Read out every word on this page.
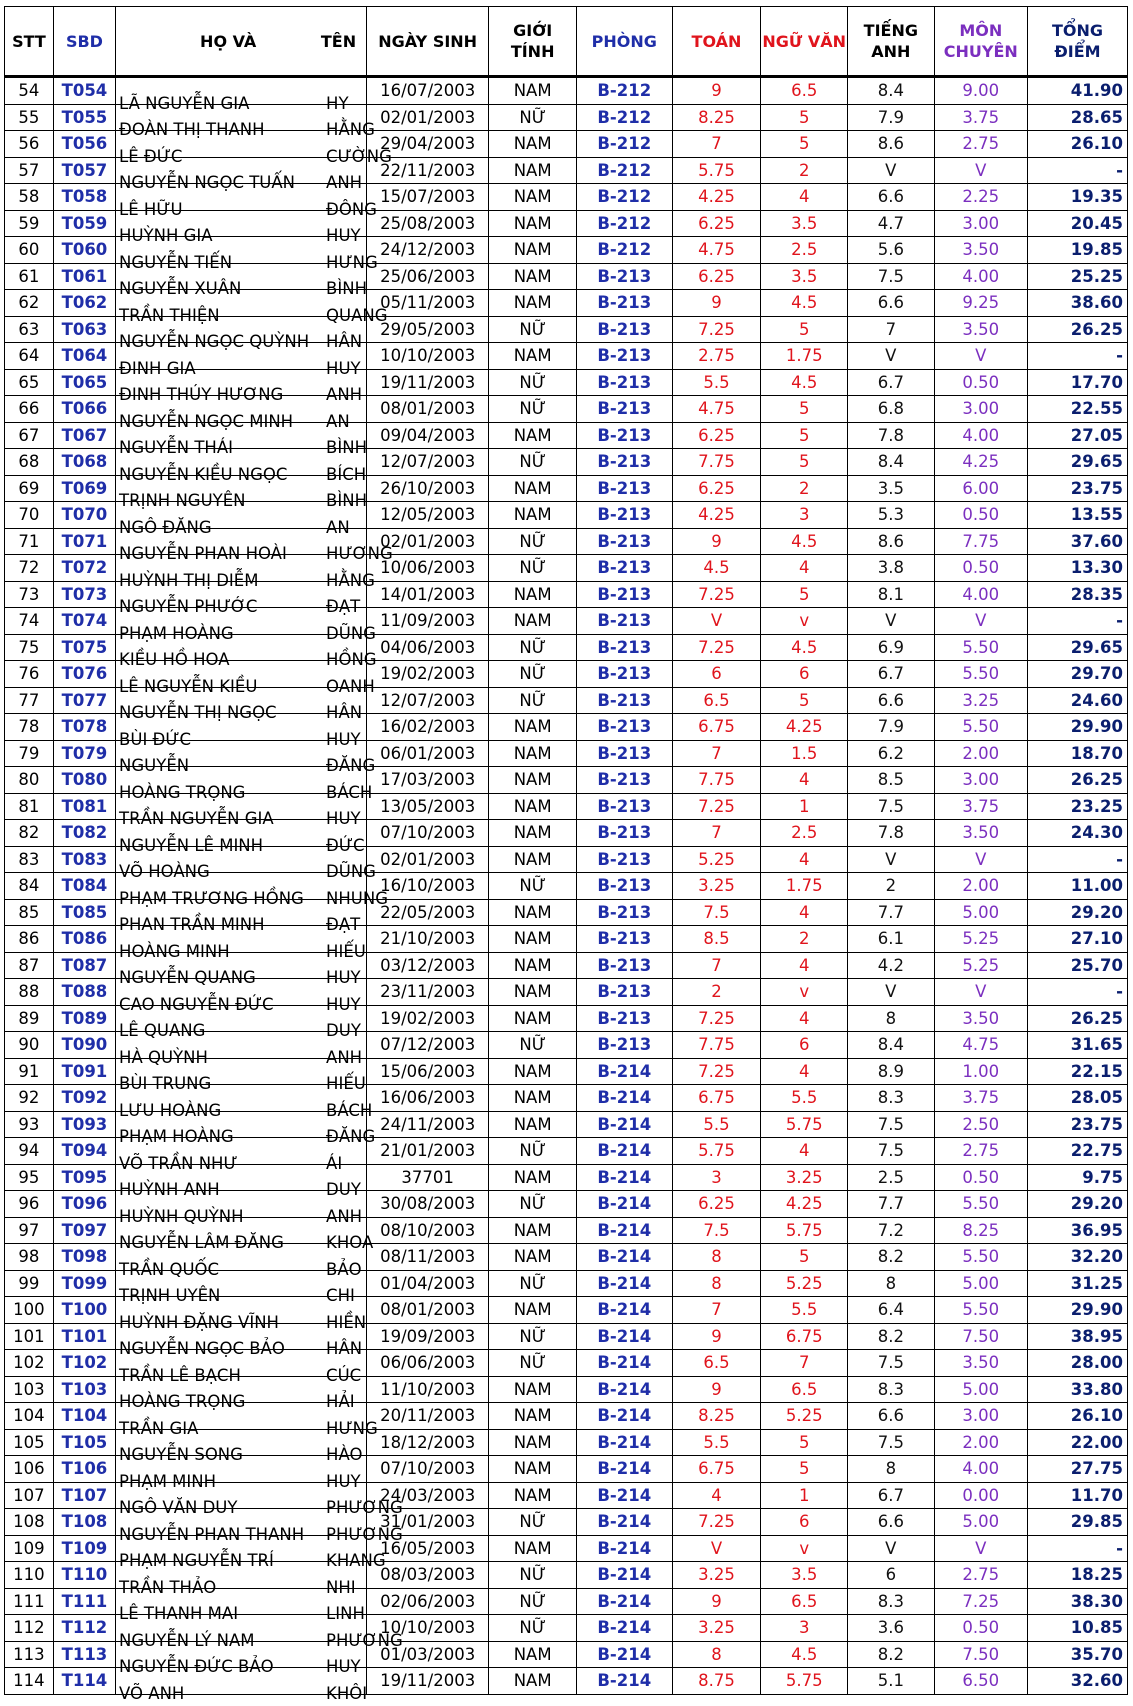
STT	SBD	HỌ VÀ TÊN	NGÀY SINH	GIỚI TÍNH	PHÒNG	TOÁN	NGỮ VĂN	TIẾNG ANH	MÔN CHUYÊN	TỔNG ĐIỂM
54	T054	LÃ NGUYỄN GIA HY	16/07/2003	NAM	B-212	9	6.5	8.4	9.00	41.90
55	T055	ĐOÀN THỊ THANH HẰNG	02/01/2003	NỮ	B-212	8.25	5	7.9	3.75	28.65
56	T056	LÊ ĐỨC CƯỜNG	29/04/2003	NAM	B-212	7	5	8.6	2.75	26.10
57	T057	NGUYỄN NGỌC TUẤN ANH	22/11/2003	NAM	B-212	5.75	2	V	V	-
58	T058	LÊ HỮU ĐÔNG	15/07/2003	NAM	B-212	4.25	4	6.6	2.25	19.35
59	T059	HUỲNH GIA HUY	25/08/2003	NAM	B-212	6.25	3.5	4.7	3.00	20.45
60	T060	NGUYỄN TIẾN HƯNG	24/12/2003	NAM	B-212	4.75	2.5	5.6	3.50	19.85
61	T061	NGUYỄN XUÂN BÌNH	25/06/2003	NAM	B-213	6.25	3.5	7.5	4.00	25.25
62	T062	TRẦN THIỆN QUANG	05/11/2003	NAM	B-213	9	4.5	6.6	9.25	38.60
63	T063	NGUYỄN NGỌC QUỲNH HÂN	29/05/2003	NỮ	B-213	7.25	5	7	3.50	26.25
64	T064	ĐINH GIA HUY	10/10/2003	NAM	B-213	2.75	1.75	V	V	-
65	T065	ĐINH THÚY HƯƠNG ANH	19/11/2003	NỮ	B-213	5.5	4.5	6.7	0.50	17.70
66	T066	NGUYỄN NGỌC MINH AN	08/01/2003	NỮ	B-213	4.75	5	6.8	3.00	22.55
67	T067	NGUYỄN THÁI BÌNH	09/04/2003	NAM	B-213	6.25	5	7.8	4.00	27.05
68	T068	NGUYỄN KIỀU NGỌC BÍCH	12/07/2003	NỮ	B-213	7.75	5	8.4	4.25	29.65
69	T069	TRỊNH NGUYÊN BÌNH	26/10/2003	NAM	B-213	6.25	2	3.5	6.00	23.75
70	T070	NGÔ ĐĂNG AN	12/05/2003	NAM	B-213	4.25	3	5.3	0.50	13.55
71	T071	NGUYỄN PHAN HOÀI HƯƠNG	02/01/2003	NỮ	B-213	9	4.5	8.6	7.75	37.60
72	T072	HUỲNH THỊ DIỄM HẰNG	10/06/2003	NỮ	B-213	4.5	4	3.8	0.50	13.30
73	T073	NGUYỄN PHƯỚC ĐẠT	14/01/2003	NAM	B-213	7.25	5	8.1	4.00	28.35
74	T074	PHẠM HOÀNG DŨNG	11/09/2003	NAM	B-213	V	v	V	V	-
75	T075	KIỀU HỒ HOA HỒNG	04/06/2003	NỮ	B-213	7.25	4.5	6.9	5.50	29.65
76	T076	LÊ NGUYỄN KIỀU OANH	19/02/2003	NỮ	B-213	6	6	6.7	5.50	29.70
77	T077	NGUYỄN THỊ NGỌC HÂN	12/07/2003	NỮ	B-213	6.5	5	6.6	3.25	24.60
78	T078	BÙI ĐỨC HUY	16/02/2003	NAM	B-213	6.75	4.25	7.9	5.50	29.90
79	T079	NGUYỄN ĐĂNG	06/01/2003	NAM	B-213	7	1.5	6.2	2.00	18.70
80	T080	HOÀNG TRỌNG BÁCH	17/03/2003	NAM	B-213	7.75	4	8.5	3.00	26.25
81	T081	TRẦN NGUYỄN GIA HUY	13/05/2003	NAM	B-213	7.25	1	7.5	3.75	23.25
82	T082	NGUYỄN LÊ MINH ĐỨC	07/10/2003	NAM	B-213	7	2.5	7.8	3.50	24.30
83	T083	VÕ HOÀNG DŨNG	02/01/2003	NAM	B-213	5.25	4	V	V	-
84	T084	PHẠM TRƯƠNG HỒNG NHUNG	16/10/2003	NỮ	B-213	3.25	1.75	2	2.00	11.00
85	T085	PHAN TRẦN MINH ĐẠT	22/05/2003	NAM	B-213	7.5	4	7.7	5.00	29.20
86	T086	HOÀNG MINH HIẾU	21/10/2003	NAM	B-213	8.5	2	6.1	5.25	27.10
87	T087	NGUYỄN QUANG HUY	03/12/2003	NAM	B-213	7	4	4.2	5.25	25.70
88	T088	CAO NGUYỄN ĐỨC HUY	23/11/2003	NAM	B-213	2	v	V	V	-
89	T089	LÊ QUANG DUY	19/02/2003	NAM	B-213	7.25	4	8	3.50	26.25
90	T090	HÀ QUỲNH ANH	07/12/2003	NỮ	B-213	7.75	6	8.4	4.75	31.65
91	T091	BÙI TRUNG HIẾU	15/06/2003	NAM	B-214	7.25	4	8.9	1.00	22.15
92	T092	LƯU HOÀNG BÁCH	16/06/2003	NAM	B-214	6.75	5.5	8.3	3.75	28.05
93	T093	PHẠM HOÀNG ĐĂNG	24/11/2003	NAM	B-214	5.5	5.75	7.5	2.50	23.75
94	T094	VÕ TRẦN NHƯ ÁI	21/01/2003	NỮ	B-214	5.75	4	7.5	2.75	22.75
95	T095	HUỲNH ANH DUY	37701	NAM	B-214	3	3.25	2.5	0.50	9.75
96	T096	HUỲNH QUỲNH ANH	30/08/2003	NỮ	B-214	6.25	4.25	7.7	5.50	29.20
97	T097	NGUYỄN LÂM ĐĂNG KHOA	08/10/2003	NAM	B-214	7.5	5.75	7.2	8.25	36.95
98	T098	TRẦN QUỐC BẢO	08/11/2003	NAM	B-214	8	5	8.2	5.50	32.20
99	T099	TRỊNH UYÊN CHI	01/04/2003	NỮ	B-214	8	5.25	8	5.00	31.25
100	T100	HUỲNH ĐẶNG VĨNH HIỀN	08/01/2003	NAM	B-214	7	5.5	6.4	5.50	29.90
101	T101	NGUYỄN NGỌC BẢO HÂN	19/09/2003	NỮ	B-214	9	6.75	8.2	7.50	38.95
102	T102	TRẦN LÊ BẠCH CÚC	06/06/2003	NỮ	B-214	6.5	7	7.5	3.50	28.00
103	T103	HOÀNG TRỌNG HẢI	11/10/2003	NAM	B-214	9	6.5	8.3	5.00	33.80
104	T104	TRẦN GIA HƯNG	20/11/2003	NAM	B-214	8.25	5.25	6.6	3.00	26.10
105	T105	NGUYỄN SONG HÀO	18/12/2003	NAM	B-214	5.5	5	7.5	2.00	22.00
106	T106	PHẠM MINH HUY	07/10/2003	NAM	B-214	6.75	5	8	4.00	27.75
107	T107	NGÔ VĂN DUY PHƯƠNG	24/03/2003	NAM	B-214	4	1	6.7	0.00	11.70
108	T108	NGUYỄN PHAN THANH PHƯƠNG	31/01/2003	NỮ	B-214	7.25	6	6.6	5.00	29.85
109	T109	PHẠM NGUYỄN TRÍ KHANG	16/05/2003	NAM	B-214	V	v	V	V	-
110	T110	TRẦN THẢO NHI	08/03/2003	NỮ	B-214	3.25	3.5	6	2.75	18.25
111	T111	LÊ THANH MAI LINH	02/06/2003	NỮ	B-214	9	6.5	8.3	7.25	38.30
112	T112	NGUYỄN LÝ NAM PHƯƠNG	10/10/2003	NỮ	B-214	3.25	3	3.6	0.50	10.85
113	T113	NGUYỄN ĐỨC BẢO HUY	01/03/2003	NAM	B-214	8	4.5	8.2	7.50	35.70
114	T114	VÕ ANH KHÔI	19/11/2003	NAM	B-214	8.75	5.75	5.1	6.50	32.60
